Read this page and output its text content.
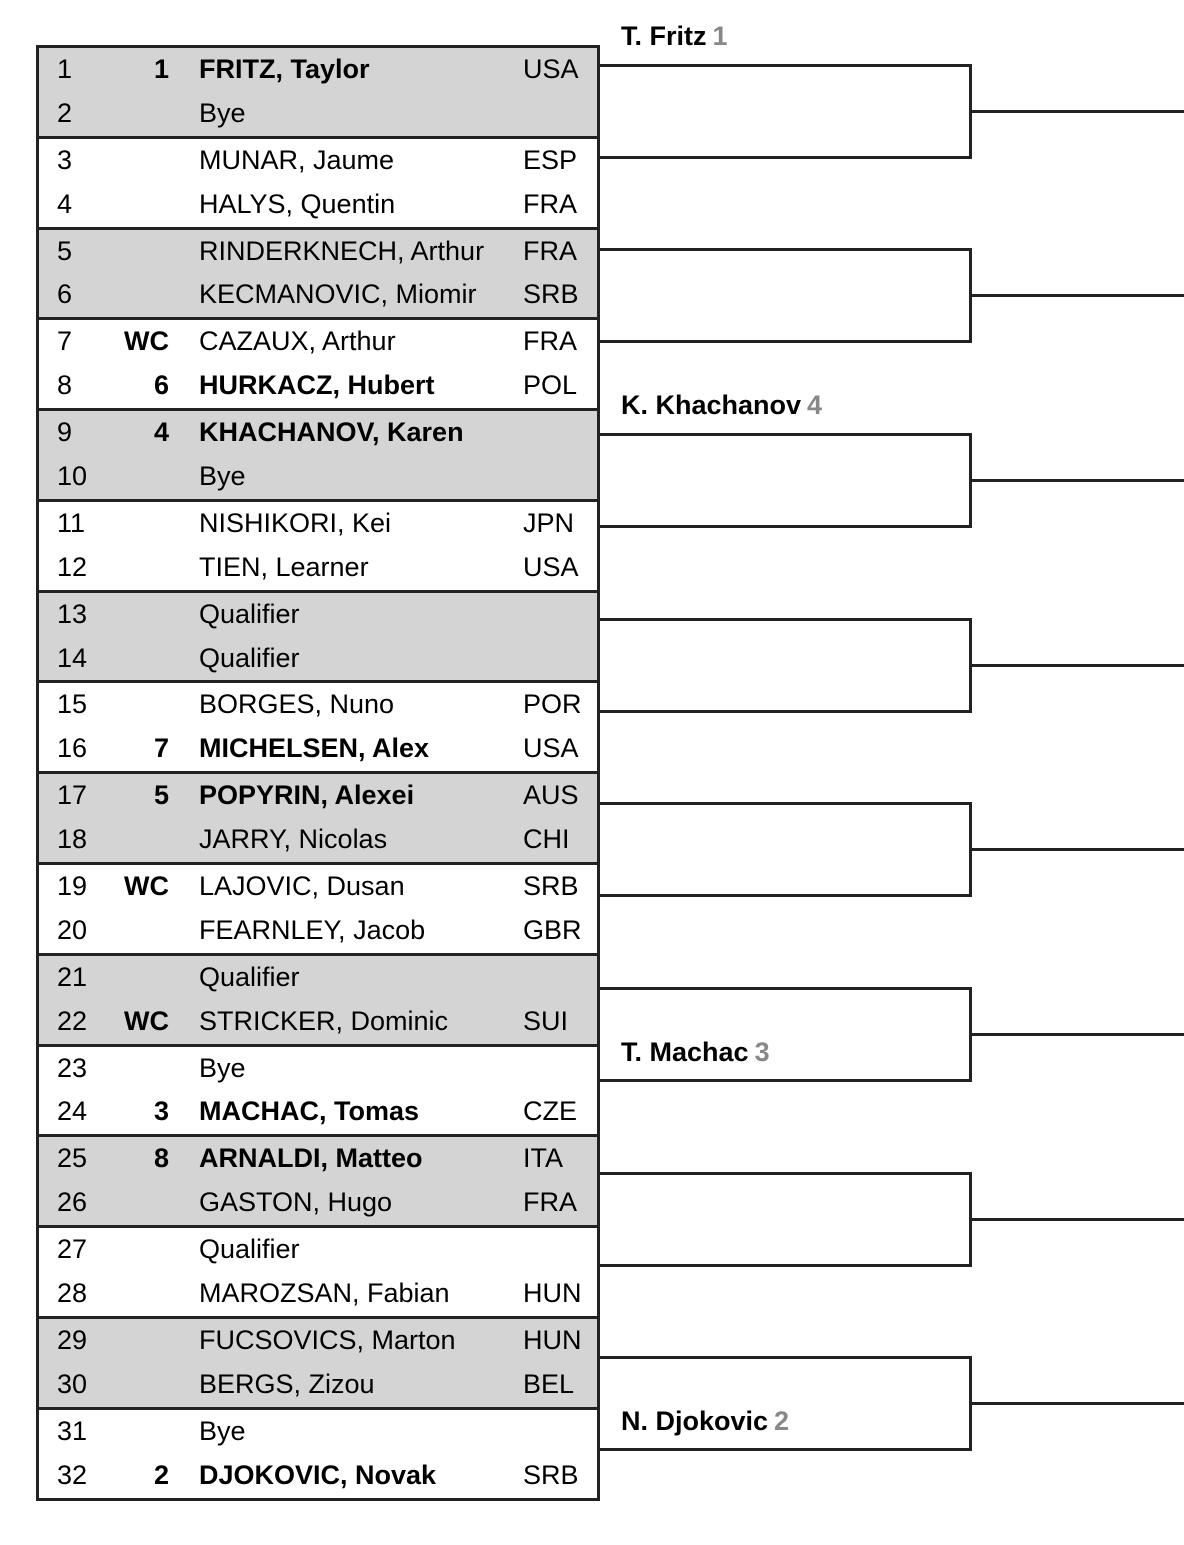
1	1 FRITZ, Taylor	USA
2	Bye
3	MUNAR, Jaume	ESP
4	HALYS, Quentin	FRA
5	RINDERKNECH, Arthur FRA
6	KECMANOVIC, Miomir SRB
7	WC CAZAUX, Arthur	FRA
8	6 HURKACZ, Hubert	POL
9	4 KHACHANOV, Karen
10	Bye
11	NISHIKORI, Kei	JPN
12	TIEN, Learner	USA
13	Qualifier
14	Qualifier
15	BORGES, Nuno	POR
16	7 MICHELSEN, Alex	USA
17	5 POPYRIN, Alexei	AUS
18	JARRY, Nicolas	CHI
19	WC LAJOVIC, Dusan	SRB
20	FEARNLEY, Jacob	GBR
21	Qualifier
22	WC STRICKER, Dominic	SUI
23	Bye
24	3 MACHAC, Tomas	CZE
25	8 ARNALDI, Matteo	ITA
26	GASTON, Hugo	FRA
27	Qualifier
28	MAROZSAN, Fabian	HUN
29	FUCSOVICS, Marton HUN
30	BERGS, Zizou	BEL
31	Bye
32	2 DJOKOVIC, Novak	SRB
T. Fritz 1
K. Khachanov 4
T. Machac 3
N. Djokovic 2
